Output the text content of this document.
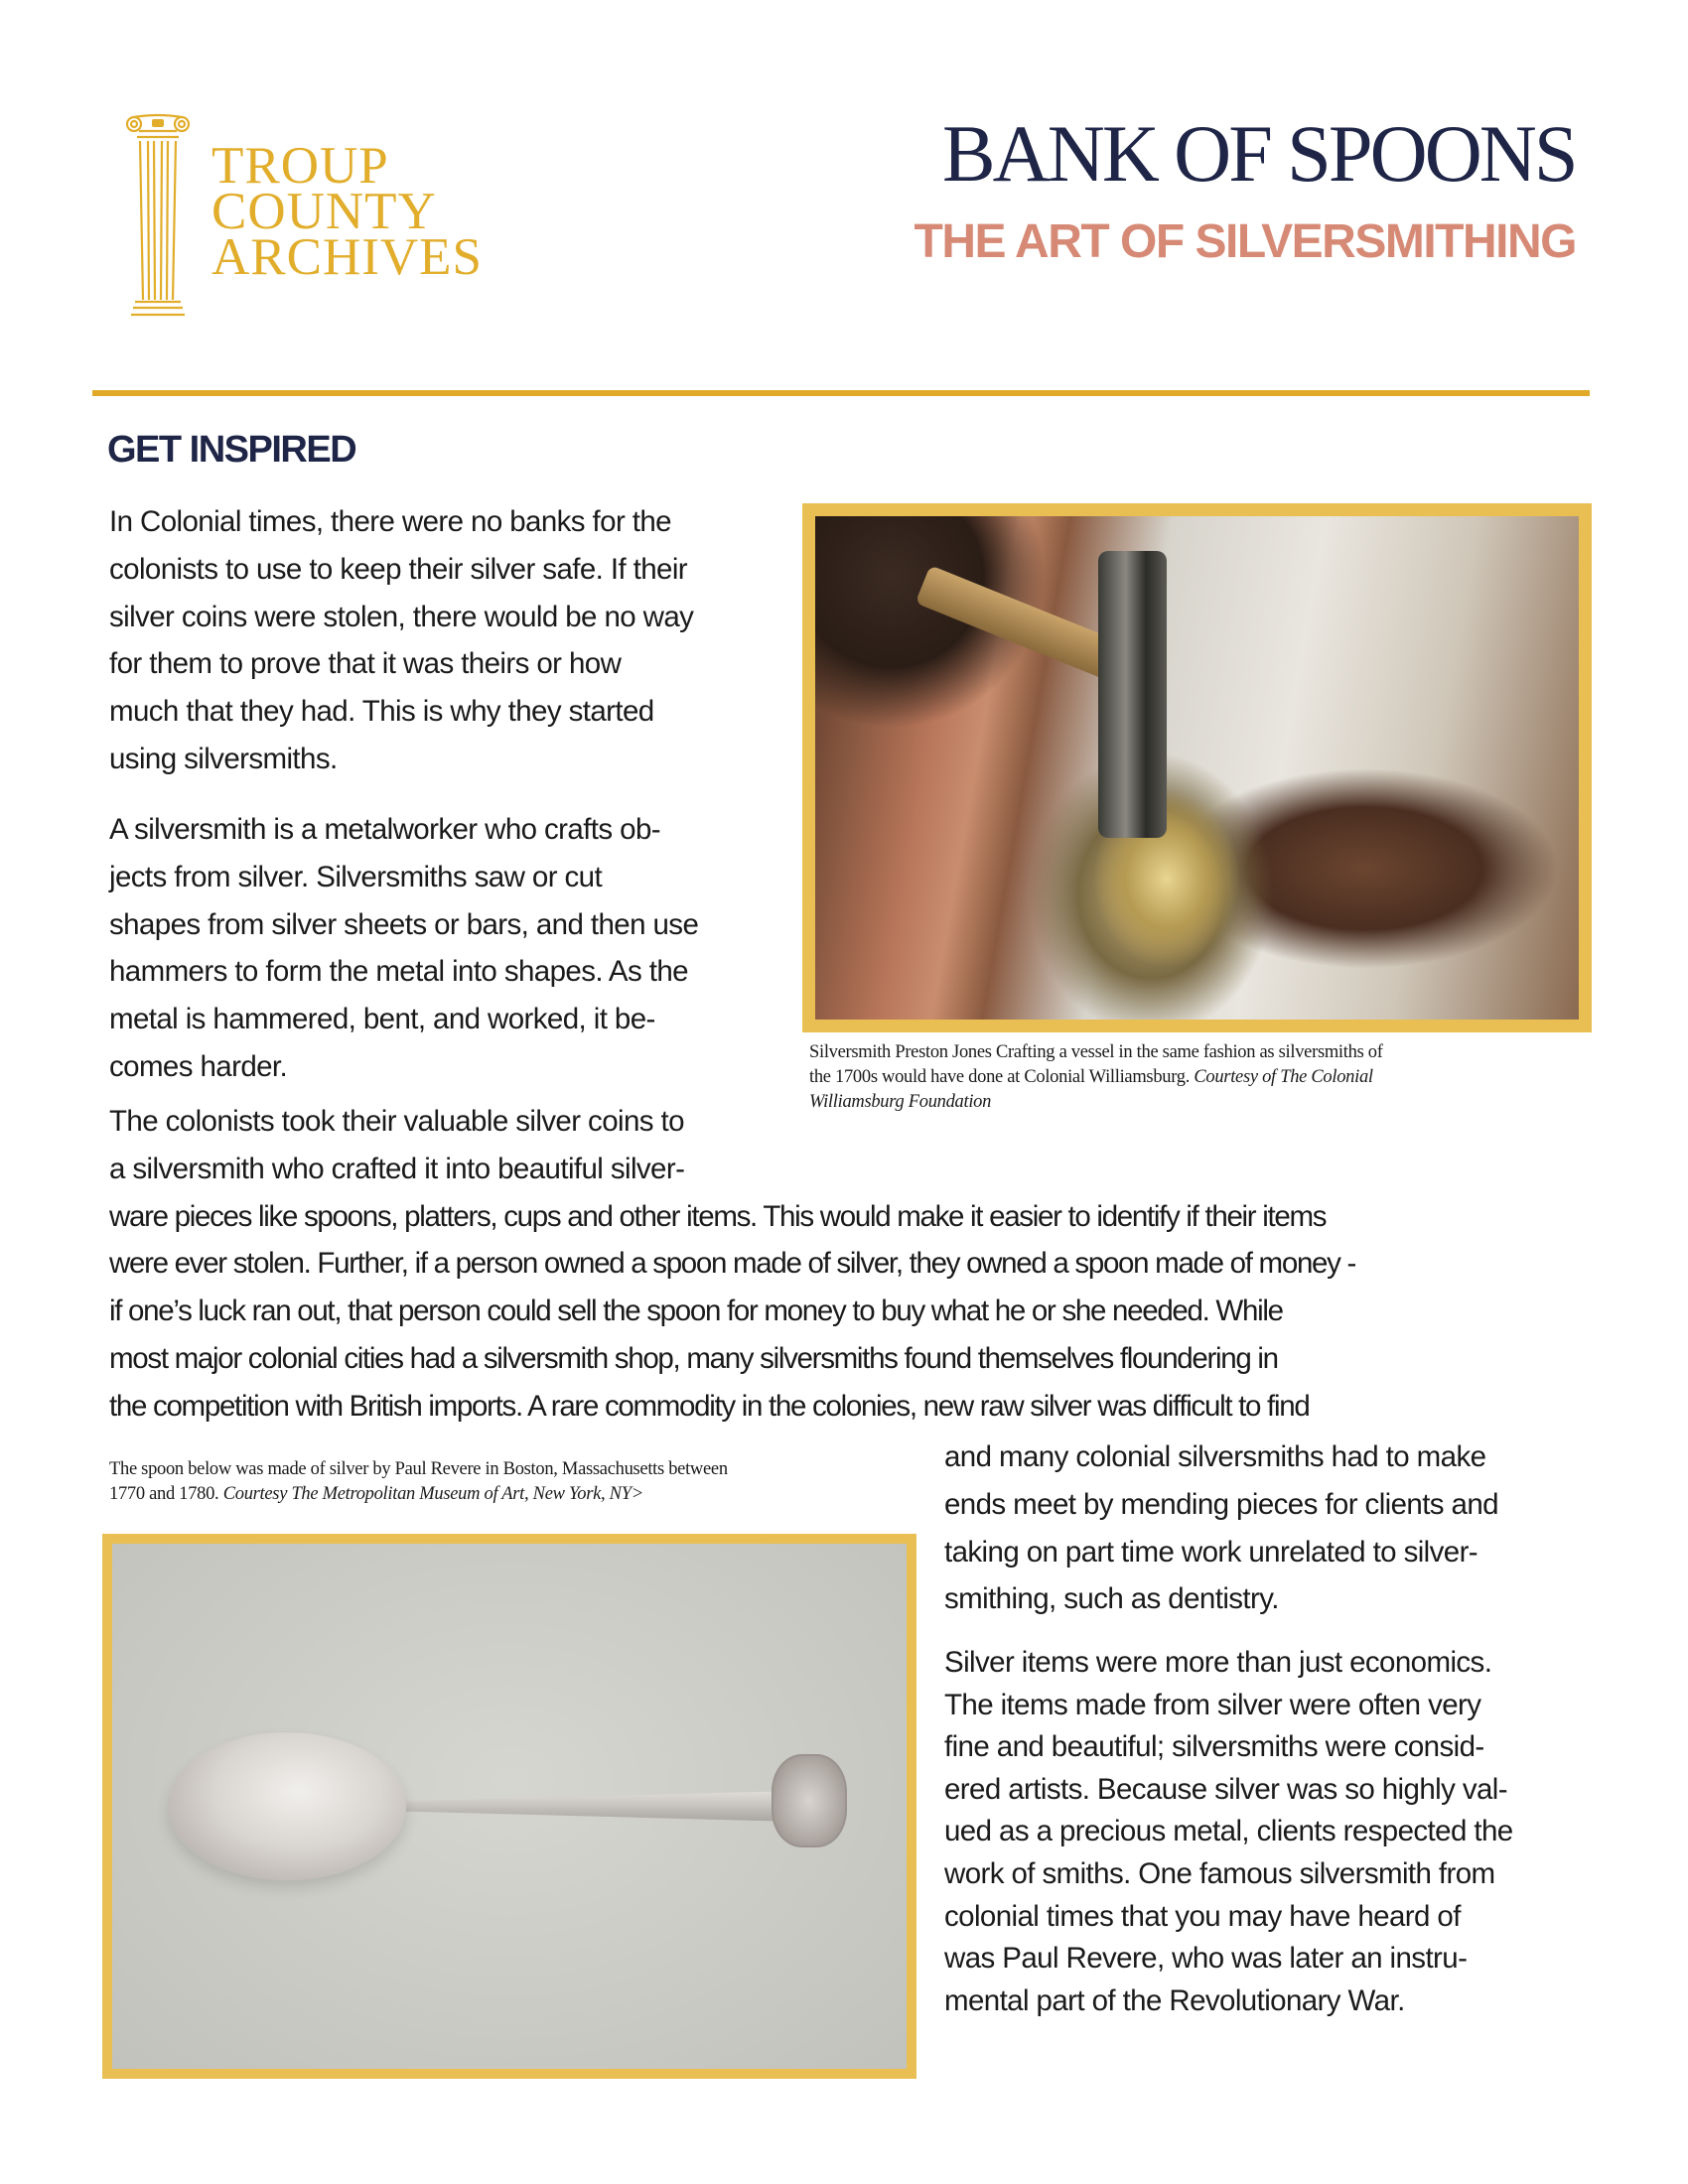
TROUP
COUNTY
ARCHIVES
BANK OF SPOONS
THE ART OF SILVERSMITHING
GET INSPIRED
In Colonial times, there were no banks for the
colonists to use to keep their silver safe. If their
silver coins were stolen, there would be no way
for them to prove that it was theirs or how
much that they had. This is why they started
using silversmiths.
A silversmith is a metalworker who crafts ob-
jects from silver. Silversmiths saw or cut
shapes from silver sheets or bars, and then use
hammers to form the metal into shapes. As the
metal is hammered, bent, and worked, it be-
comes harder.	Silversmith Preston Jones Crafting a vessel in the same fashion as silversmiths of
the 1700s would have done at Colonial Williamsburg. Courtesy of The Colonial
Williamsburg Foundation
The colonists took their valuable silver coins to
a silversmith who crafted it into beautiful silver-
ware pieces like spoons, platters, cups and other items. This would make it easier to identify if their items
were ever stolen. Further, if a person owned a spoon made of silver, they owned a spoon made of money -
if one’s luck ran out, that person could sell the spoon for money to buy what he or she needed. While
most major colonial cities had a silversmith shop, many silversmiths found themselves floundering in
the competition with British imports. A rare commodity in the colonies, new raw silver was difficult to find
The spoon below was made of silver by Paul Revere in Boston, Massachusetts between
1770 and 1780. Courtesy The Metropolitan Museum of Art, New York, NY>
and many colonial silversmiths had to make
ends meet by mending pieces for clients and
taking on part time work unrelated to silver-
smithing, such as dentistry.
Silver items were more than just economics.
The items made from silver were often very
fine and beautiful; silversmiths were consid-
ered artists. Because silver was so highly val-
ued as a precious metal, clients respected the
work of smiths. One famous silversmith from
colonial times that you may have heard of
was Paul Revere, who was later an instru-
mental part of the Revolutionary War.
